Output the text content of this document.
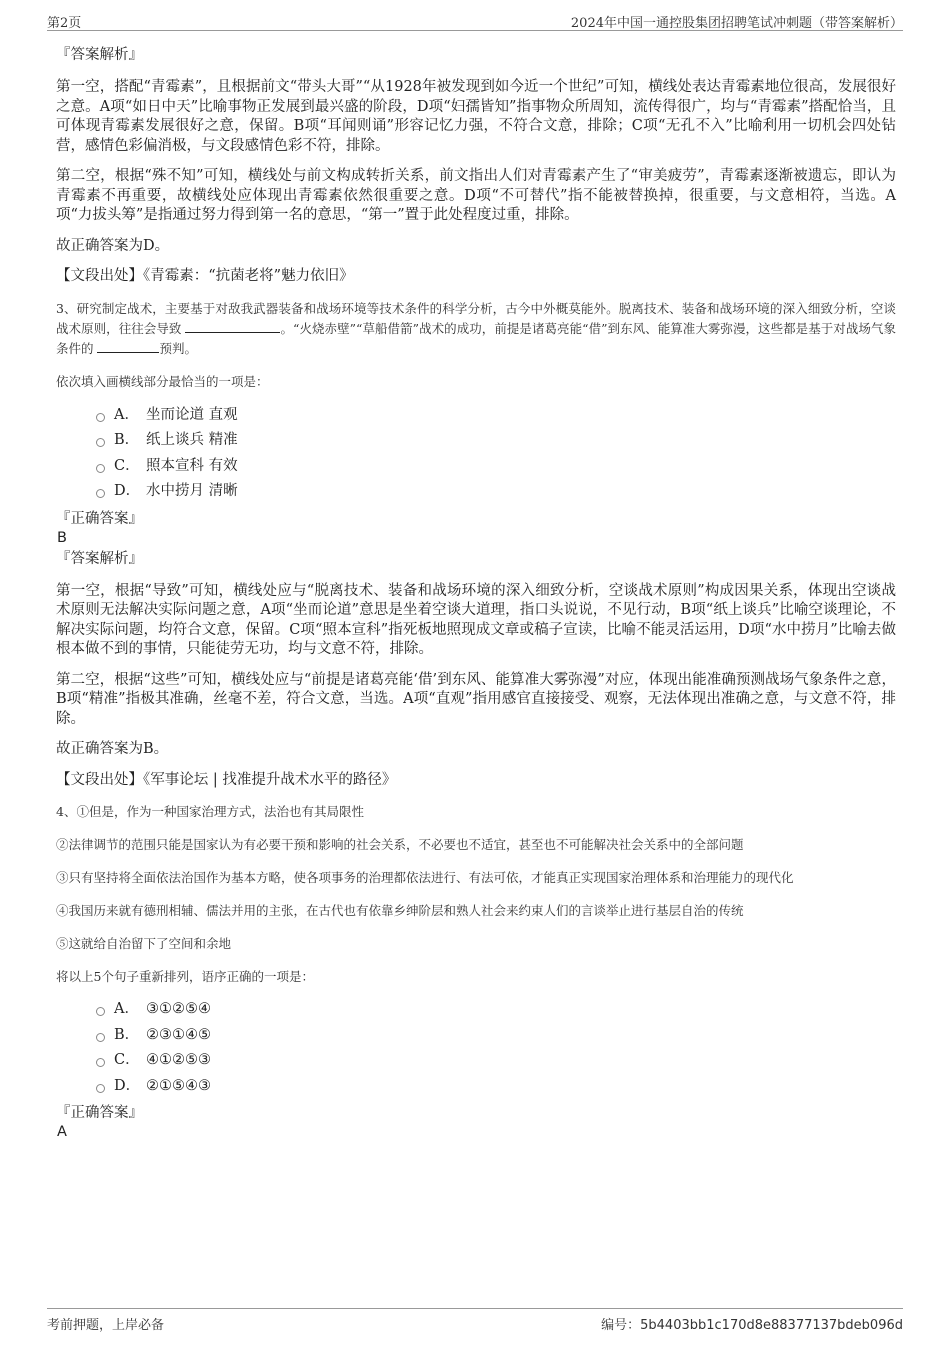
第2页	2024年中国一通控股集团招聘笔试冲刺题（带答案解析）

『答案解析』

第一空，搭配“青霉素”，且根据前文“带头大哥”“从1928年被发现到如今近一个世纪”可知，横线处表达青霉素地位很高，发展很好之意。A项“如日中天”比喻事物正发展到最兴盛的阶段，D项“妇孺皆知”指事物众所周知，流传得很广，均与“青霉素”搭配恰当，且可体现青霉素发展很好之意，保留。B项“耳闻则诵”形容记忆力强，不符合文意，排除；C项“无孔不入”比喻利用一切机会四处钻营，感情色彩偏消极，与文段感情色彩不符，排除。

第二空，根据“殊不知”可知，横线处与前文构成转折关系，前文指出人们对青霉素产生了“审美疲劳”，青霉素逐渐被遗忘，即认为青霉素不再重要，故横线处应体现出青霉素依然很重要之意。D项“不可替代”指不能被替换掉，很重要，与文意相符，当选。A项“力拔头筹”是指通过努力得到第一名的意思，“第一”置于此处程度过重，排除。

故正确答案为D。

【文段出处】《青霉素：“抗菌老将”魅力依旧》

3、研究制定战术，主要基于对敌我武器装备和战场环境等技术条件的科学分析，古今中外概莫能外。脱离技术、装备和战场环境的深入细致分析，空谈战术原则，往往会导致	。“火烧赤壁”“草船借箭”战术的成功，前提是诸葛亮能“借”到东风、能算准大雾弥漫，这些都是基于对战场气象条件的	预判。

依次填入画横线部分最恰当的一项是：

A． 坐而论道 直观
B． 纸上谈兵 精准
C． 照本宣科 有效
D． 水中捞月 清晰

『正确答案』

B

『答案解析』

第一空，根据“导致”可知，横线处应与“脱离技术、装备和战场环境的深入细致分析，空谈战术原则”构成因果关系，体现出空谈战术原则无法解决实际问题之意，A项“坐而论道”意思是坐着空谈大道理，指口头说说，不见行动，B项“纸上谈兵”比喻空谈理论，不解决实际问题，均符合文意，保留。C项“照本宣科”指死板地照现成文章或稿子宣读，比喻不能灵活运用，D项“水中捞月”比喻去做根本做不到的事情，只能徒劳无功，均与文意不符，排除。

第二空，根据“这些”可知，横线处应与“前提是诸葛亮能‘借’到东风、能算准大雾弥漫”对应，体现出能准确预测战场气象条件之意，B项“精准”指极其准确，丝毫不差，符合文意，当选。A项“直观”指用感官直接接受、观察，无法体现出准确之意，与文意不符，排除。

故正确答案为B。

【文段出处】《军事论坛 | 找准提升战术水平的路径》

4、①但是，作为一种国家治理方式，法治也有其局限性

②法律调节的范围只能是国家认为有必要干预和影响的社会关系，不必要也不适宜，甚至也不可能解决社会关系中的全部问题

③只有坚持将全面依法治国作为基本方略，使各项事务的治理都依法进行、有法可依，才能真正实现国家治理体系和治理能力的现代化

④我国历来就有德刑相辅、儒法并用的主张，在古代也有依靠乡绅阶层和熟人社会来约束人们的言谈举止进行基层自治的传统

⑤这就给自治留下了空间和余地

将以上5个句子重新排列，语序正确的一项是：

A． ③①②⑤④
B． ②③①④⑤
C． ④①②⑤③
D． ②①⑤④③

『正确答案』

A

考前押题，上岸必备	编号：5b4403bb1c170d8e88377137bdeb096d
